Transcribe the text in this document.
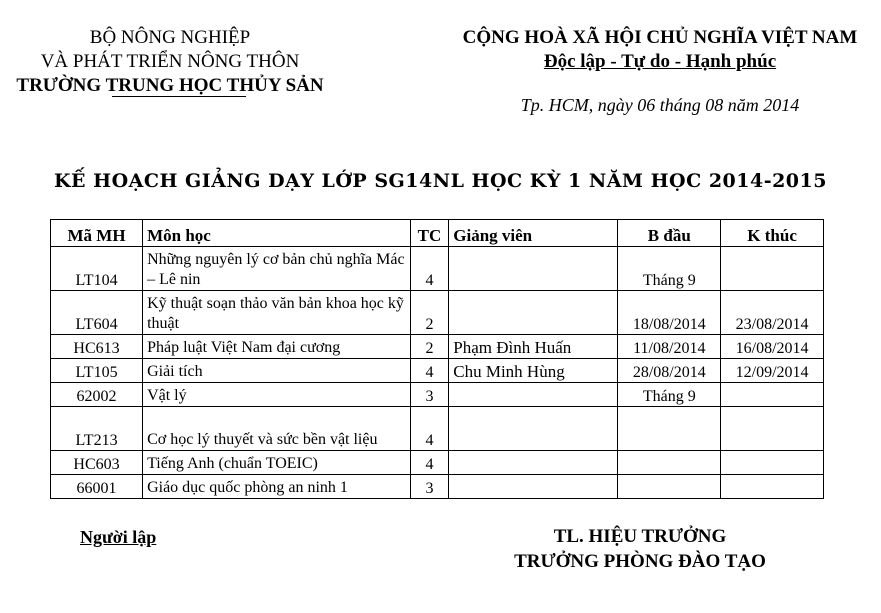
BỘ NÔNG NGHIỆP
VÀ PHÁT TRIỂN NÔNG THÔN
TRƯỜNG TRUNG HỌC THỦY SẢN
CỘNG HOÀ XÃ HỘI CHỦ NGHĨA VIỆT NAM
Độc lập - Tự do - Hạnh phúc
Tp. HCM, ngày 06 tháng 08 năm 2014
KẾ HOẠCH GIẢNG DẠY LỚP SG14NL HỌC KỲ 1 NĂM HỌC 2014-2015
Mã MH	Môn học	TC	Giảng viên	B đầu	K thúc
LT104	Những nguyên lý cơ bản chủ nghĩa Mác – Lê nin	4		Tháng 9	
LT604	Kỹ thuật soạn thảo văn bản khoa học kỹ thuật	2		18/08/2014	23/08/2014
HC613	Pháp luật Việt Nam đại cương	2	Phạm Đình Huấn	11/08/2014	16/08/2014
LT105	Giải tích	4	Chu Minh Hùng	28/08/2014	12/09/2014
62002	Vật lý	3		Tháng 9	
LT213	Cơ học lý thuyết và sức bền vật liệu	4			
HC603	Tiếng Anh (chuẩn TOEIC)	4			
66001	Giáo dục quốc phòng an ninh 1	3			
Người lập	TL. HIỆU TRƯỞNG
TRƯỞNG PHÒNG ĐÀO TẠO
